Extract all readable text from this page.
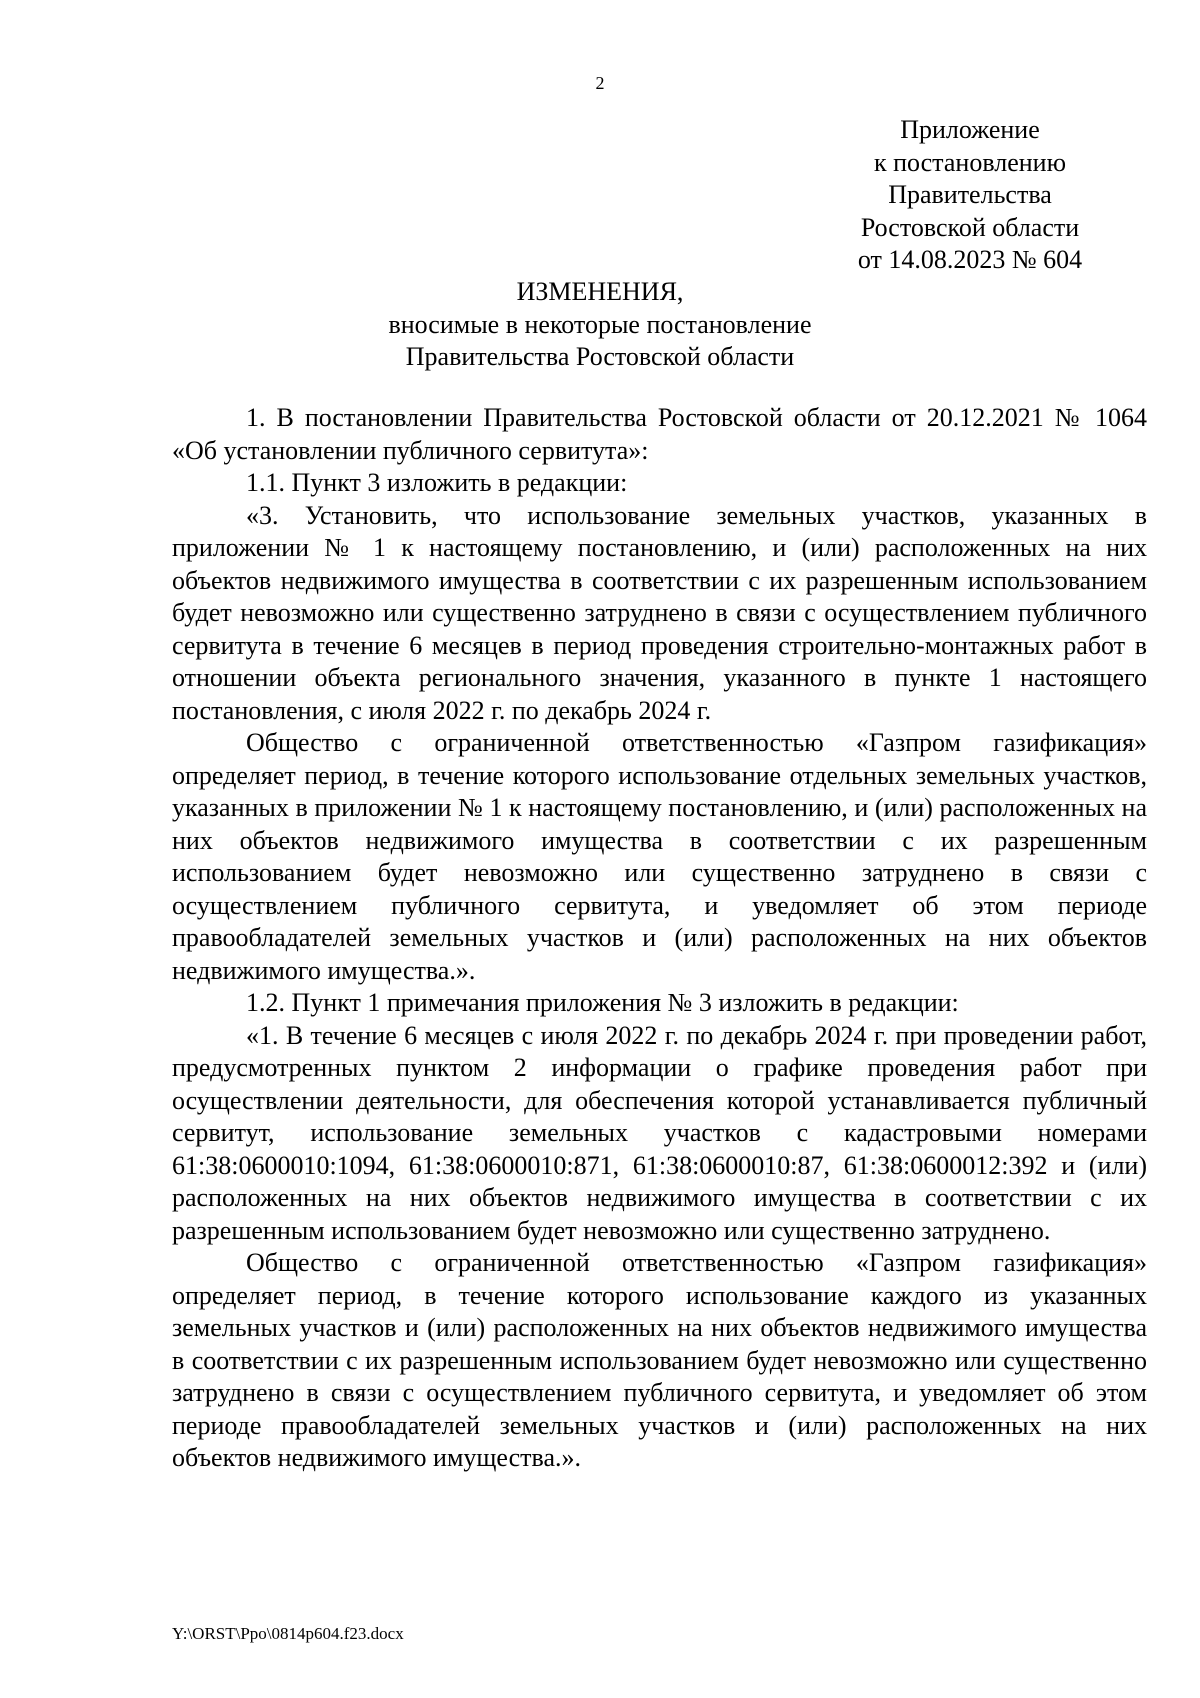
2
Приложение
к постановлению
Правительства
Ростовской области
от 14.08.2023 № 604
ИЗМЕНЕНИЯ,
вносимые в некоторые постановление
Правительства Ростовской области

1. В постановлении Правительства Ростовской области от 20.12.2021 № 1064 «Об установлении публичного сервитута»:

1.1. Пункт 3 изложить в редакции:

«3. Установить, что использование земельных участков, указанных в приложении № 1 к настоящему постановлению, и (или) расположенных на них объектов недвижимого имущества в соответствии с их разрешенным использованием будет невозможно или существенно затруднено в связи с осуществлением публичного сервитута в течение 6 месяцев в период проведения строительно-монтажных работ в отношении объекта регионального значения, указанного в пункте 1 настоящего постановления, с июля 2022 г. по декабрь 2024 г.

Общество с ограниченной ответственностью «Газпром газификация» определяет период, в течение которого использование отдельных земельных участков, указанных в приложении № 1 к настоящему постановлению, и (или) расположенных на них объектов недвижимого имущества в соответствии с их разрешенным использованием будет невозможно или существенно затруднено в связи с осуществлением публичного сервитута, и уведомляет об этом периоде правообладателей земельных участков и (или) расположенных на них объектов недвижимого имущества.».

1.2. Пункт 1 примечания приложения № 3 изложить в редакции:

«1. В течение 6 месяцев с июля 2022 г. по декабрь 2024 г. при проведении работ, предусмотренных пунктом 2 информации о графике проведения работ при осуществлении деятельности, для обеспечения которой устанавливается публичный сервитут, использование земельных участков с кадастровыми номерами 61:38:0600010:1094, 61:38:0600010:871, 61:38:0600010:87, 61:38:0600012:392 и (или) расположенных на них объектов недвижимого имущества в соответствии с их разрешенным использованием будет невозможно или существенно затруднено.

Общество с ограниченной ответственностью «Газпром газификация» определяет период, в течение которого использование каждого из указанных земельных участков и (или) расположенных на них объектов недвижимого имущества в соответствии с их разрешенным использованием будет невозможно или существенно затруднено в связи с осуществлением публичного сервитута, и уведомляет об этом периоде правообладателей земельных участков и (или) расположенных на них объектов недвижимого имущества.».

Y:\ORST\Ppo\0814p604.f23.docx
